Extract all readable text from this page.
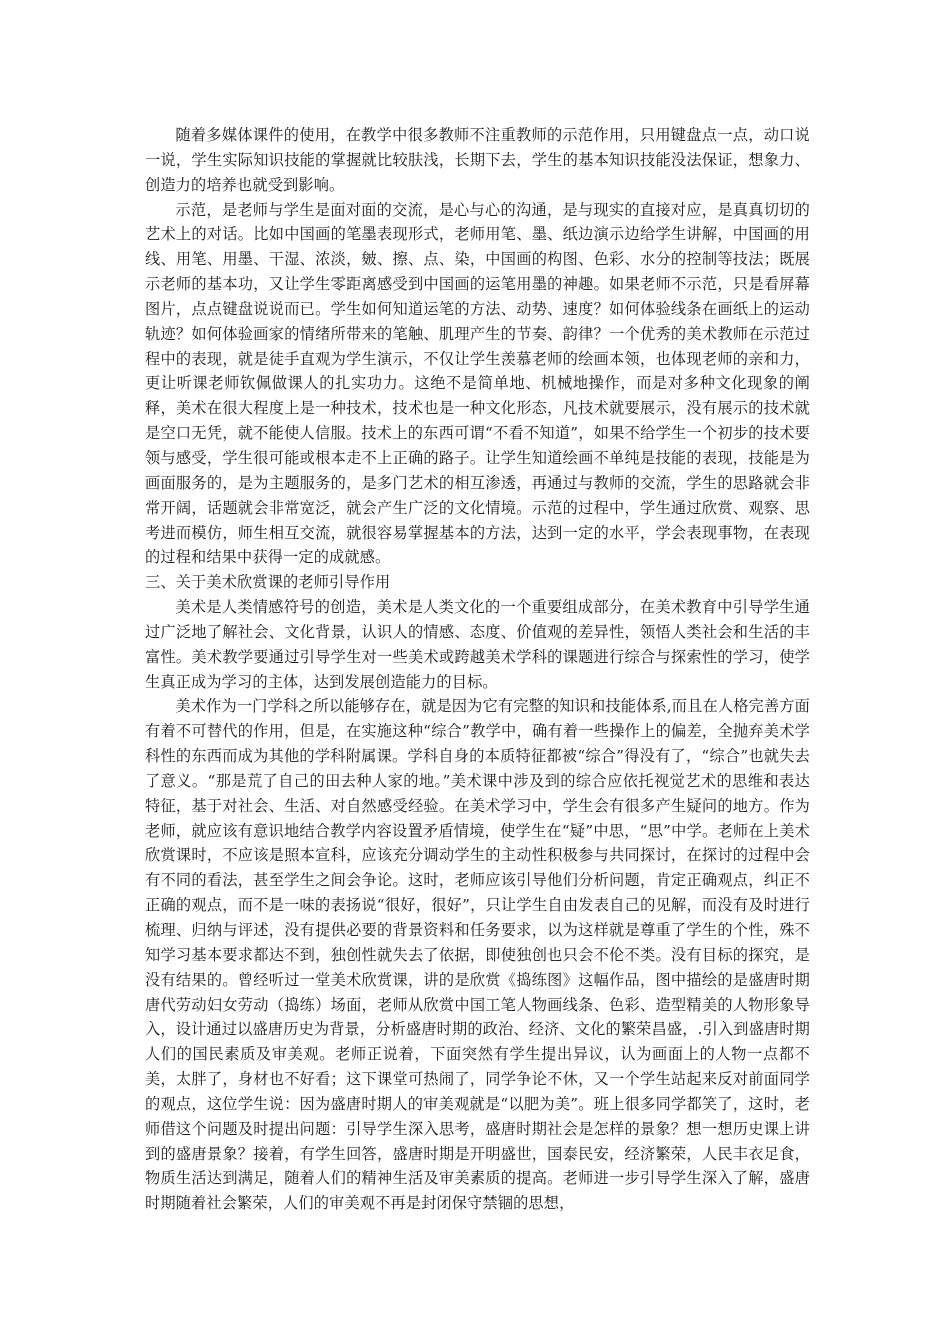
随着多媒体课件的使用，在教学中很多教师不注重教师的示范作用，只用键盘点一点，动口说一说，学生实际知识技能的掌握就比较肤浅，长期下去，学生的基本知识技能没法保证，想象力、创造力的培养也就受到影响。

示范，是老师与学生是面对面的交流，是心与心的沟通，是与现实的直接对应，是真真切切的艺术上的对话。比如中国画的笔墨表现形式，老师用笔、墨、纸边演示边给学生讲解，中国画的用线、用笔、用墨、干湿、浓淡，皴、擦、点、染，中国画的构图、色彩、水分的控制等技法；既展示老师的基本功，又让学生零距离感受到中国画的运笔用墨的神趣。如果老师不示范，只是看屏幕图片，点点键盘说说而已。学生如何知道运笔的方法、动势、速度？如何体验线条在画纸上的运动轨迹？如何体验画家的情绪所带来的笔触、肌理产生的节奏、韵律？一个优秀的美术教师在示范过程中的表现，就是徒手直观为学生演示，不仅让学生羡慕老师的绘画本领，也体现老师的亲和力，更让听课老师钦佩做课人的扎实功力。这绝不是简单地、机械地操作，而是对多种文化现象的阐释，美术在很大程度上是一种技术，技术也是一种文化形态，凡技术就要展示，没有展示的技术就是空口无凭，就不能使人信服。技术上的东西可谓“不看不知道”，如果不给学生一个初步的技术要领与感受，学生很可能或根本走不上正确的路子。让学生知道绘画不单纯是技能的表现，技能是为画面服务的，是为主题服务的，是多门艺术的相互渗透，再通过与教师的交流，学生的思路就会非常开阔，话题就会非常宽泛，就会产生广泛的文化情境。示范的过程中，学生通过欣赏、观察、思考进而模仿，师生相互交流，就很容易掌握基本的方法，达到一定的水平，学会表现事物，在表现的过程和结果中获得一定的成就感。

三、关于美术欣赏课的老师引导作用

美术是人类情感符号的创造，美术是人类文化的一个重要组成部分，在美术教育中引导学生通过广泛地了解社会、文化背景，认识人的情感、态度、价值观的差异性，领悟人类社会和生活的丰富性。美术教学要通过引导学生对一些美术或跨越美术学科的课题进行综合与探索性的学习，使学生真正成为学习的主体，达到发展创造能力的目标。

美术作为一门学科之所以能够存在，就是因为它有完整的知识和技能体系,而且在人格完善方面有着不可替代的作用，但是，在实施这种“综合”教学中，确有着一些操作上的偏差，全抛弃美术学科性的东西而成为其他的学科附属课。学科自身的本质特征都被“综合”得没有了，“综合”也就失去了意义。“那是荒了自己的田去种人家的地。”美术课中涉及到的综合应依托视觉艺术的思维和表达特征，基于对社会、生活、对自然感受经验。在美术学习中，学生会有很多产生疑问的地方。作为老师，就应该有意识地结合教学内容设置矛盾情境，使学生在“疑”中思，“思”中学。老师在上美术欣赏课时，不应该是照本宣科，应该充分调动学生的主动性积极参与共同探讨，在探讨的过程中会有不同的看法，甚至学生之间会争论。这时，老师应该引导他们分析问题，肯定正确观点，纠正不正确的观点，而不是一味的表扬说“很好，很好”，只让学生自由发表自己的见解，而没有及时进行梳理、归纳与评述，没有提供必要的背景资料和任务要求，以为这样就是尊重了学生的个性，殊不知学习基本要求都达不到，独创性就失去了依据，即使独创也只会不伦不类。没有目标的探究，是没有结果的。曾经听过一堂美术欣赏课，讲的是欣赏《捣练图》这幅作品，图中描绘的是盛唐时期唐代劳动妇女劳动（捣练）场面，老师从欣赏中国工笔人物画线条、色彩、造型精美的人物形象导入，设计通过以盛唐历史为背景，分析盛唐时期的政治、经济、文化的繁荣昌盛，.引入到盛唐时期人们的国民素质及审美观。老师正说着，下面突然有学生提出异议，认为画面上的人物一点都不美，太胖了，身材也不好看；这下课堂可热闹了，同学争论不休，又一个学生站起来反对前面同学的观点，这位学生说：因为盛唐时期人的审美观就是“以肥为美”。班上很多同学都笑了，这时，老师借这个问题及时提出问题：引导学生深入思考，盛唐时期社会是怎样的景象？想一想历史课上讲到的盛唐景象？接着，有学生回答，盛唐时期是开明盛世，国泰民安，经济繁荣，人民丰衣足食，物质生活达到满足，随着人们的精神生活及审美素质的提高。老师进一步引导学生深入了解，盛唐时期随着社会繁荣，人们的审美观不再是封闭保守禁锢的思想，
